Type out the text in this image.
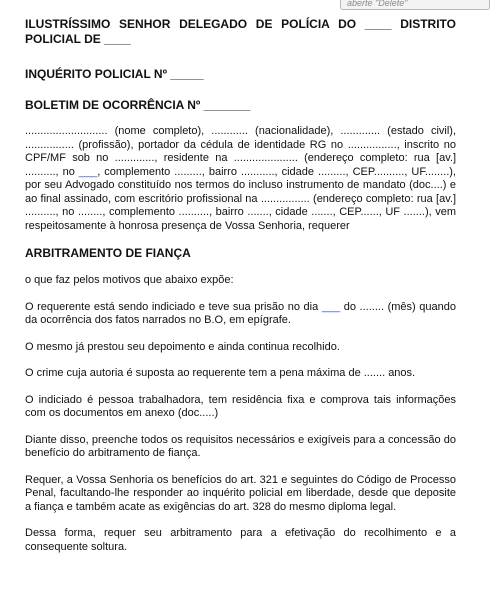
aberte "Delete"
ILUSTRÍSSIMO SENHOR DELEGADO DE POLÍCIA DO ____ DISTRITO POLICIAL DE ____
INQUÉRITO POLICIAL Nº _____
BOLETIM DE OCORRÊNCIA Nº _______

........................... (nome completo), ............ (nacionalidade), ............. (estado civil), ................ (profissão), portador da cédula de identidade RG no ................, inscrito no CPF/MF sob no ............., residente na ..................... (endereço completo: rua [av.] .........., no ___, complemento ........., bairro ..........., cidade ........., CEP.........., UF........), por seu Advogado constituído nos termos do incluso instrumento de mandato (doc....) e ao final assinado, com escritório profissional na ................ (endereço completo: rua [av.] .........., no ........, complemento .........., bairro ......., cidade ......., CEP......, UF .......), vem respeitosamente à honrosa presença de Vossa Senhoria, requerer

ARBITRAMENTO DE FIANÇA

o que faz pelos motivos que abaixo expõe:

O requerente está sendo indiciado e teve sua prisão no dia ___ do ........ (mês) quando da ocorrência dos fatos narrados no B.O, em epígrafe.

O mesmo já prestou seu depoimento e ainda continua recolhido.

O crime cuja autoria é suposta ao requerente tem a pena máxima de ....... anos.

O indiciado é pessoa trabalhadora, tem residência fixa e comprova tais informações com os documentos em anexo (doc.....)

Diante disso, preenche todos os requisitos necessários e exigíveis para a concessão do benefício do arbitramento de fiança.

Requer, a Vossa Senhoria os benefícios do art. 321 e seguintes do Código de Processo Penal, facultando-lhe responder ao inquérito policial em liberdade, desde que deposite a fiança e também acate as exigências do art. 328 do mesmo diploma legal.

Dessa forma, requer seu arbitramento para a efetivação do recolhimento e a consequente soltura.
